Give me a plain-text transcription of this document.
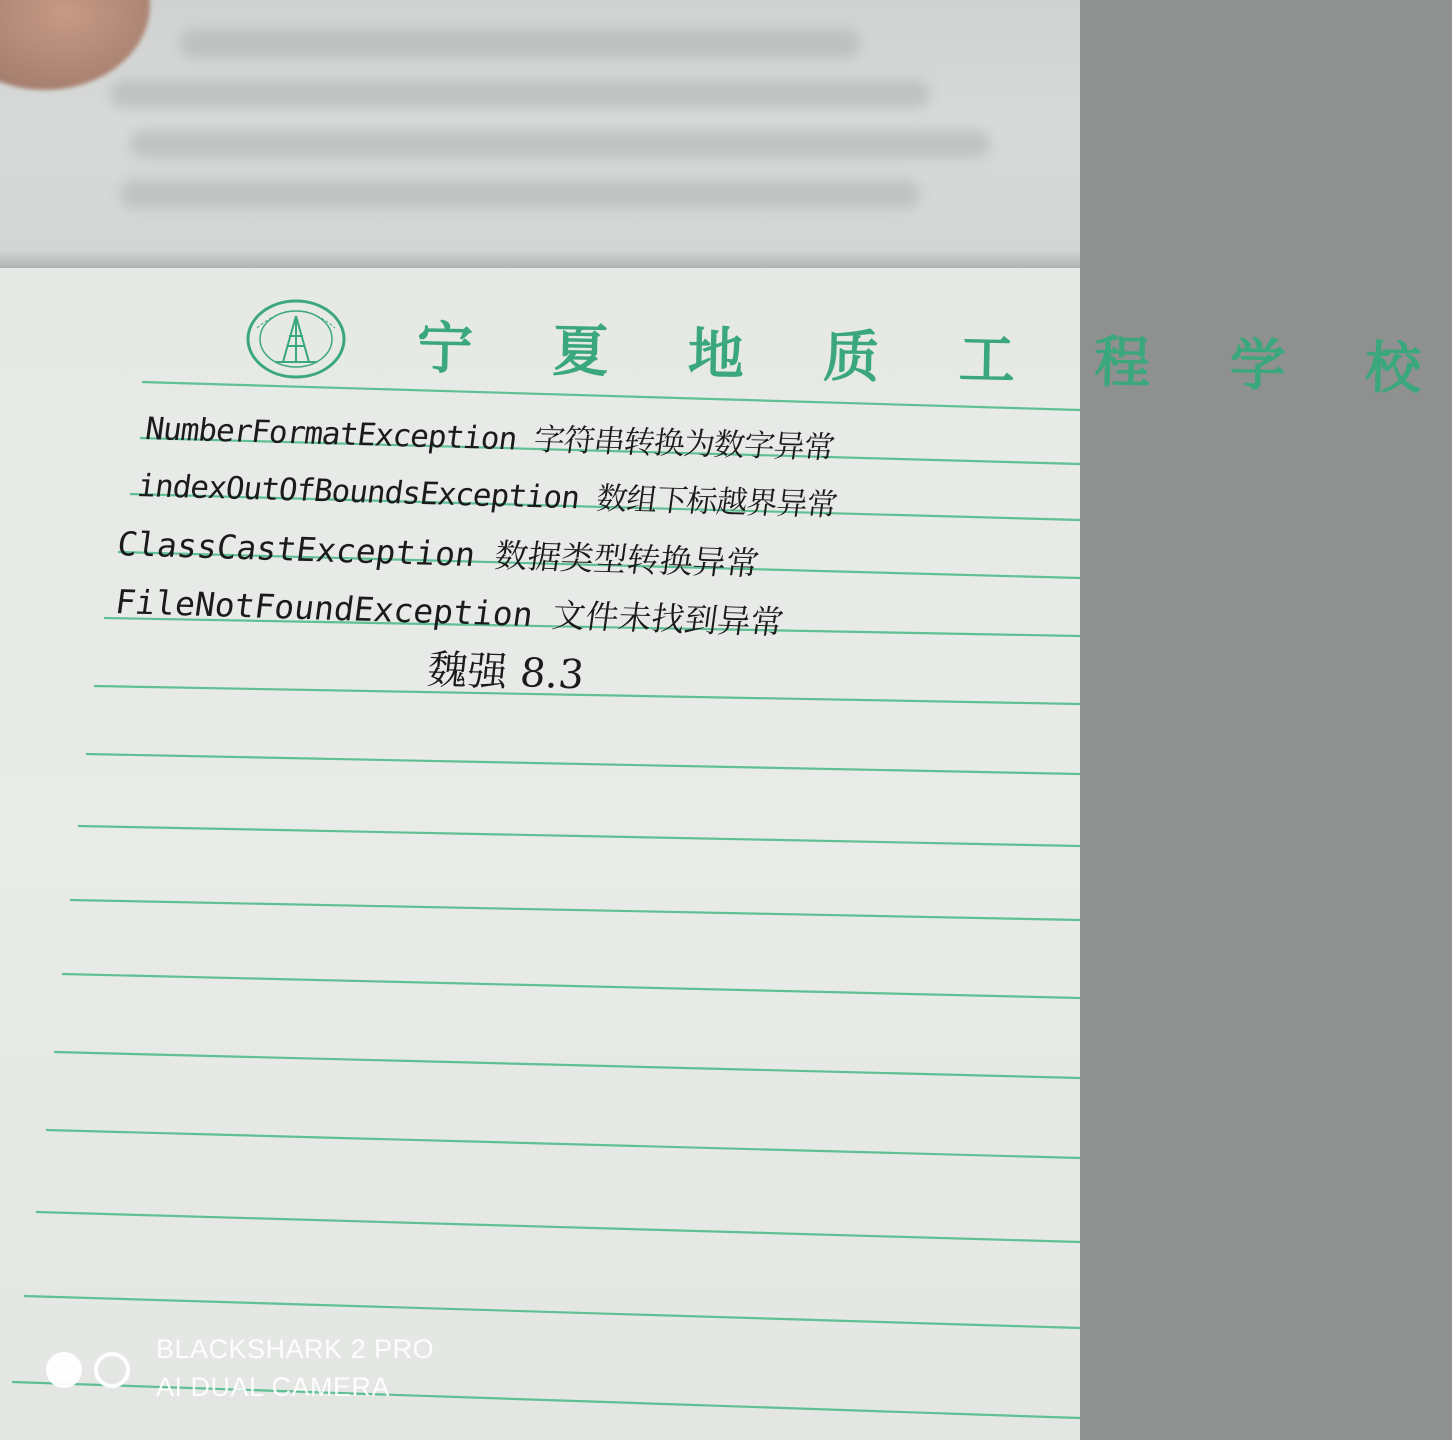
宁 夏 地 质 工 程 学 校
NumberFormatException 字符串转换为数字异常
indexOutOfBoundsException 数组下标越界异常
ClassCastException 数据类型转换异常
FileNotFoundException 文件未找到异常
魏强 8.3
BLACKSHARK 2 PRO
AI DUAL CAMERA
